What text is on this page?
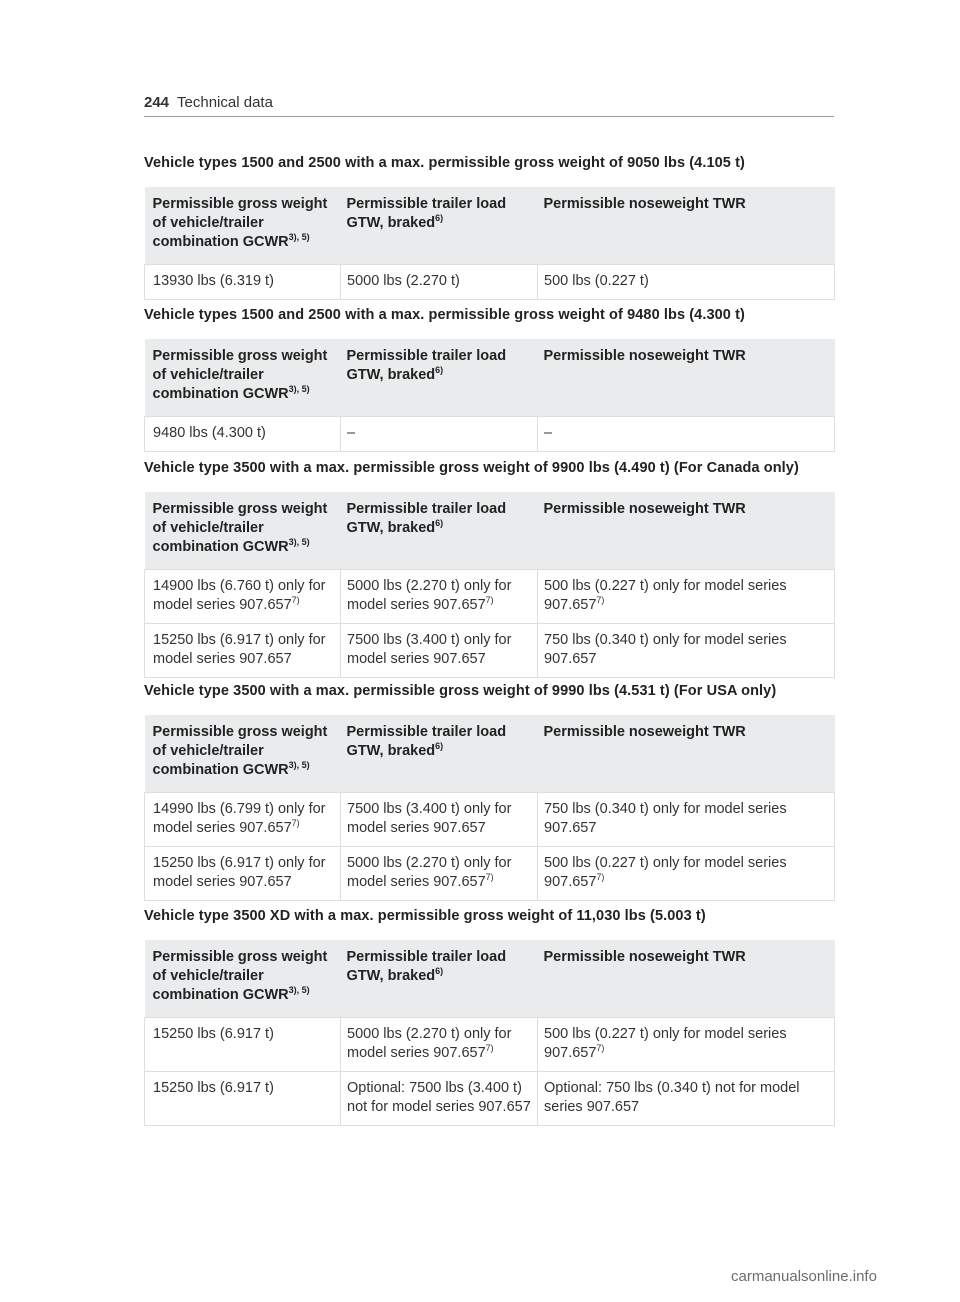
244 Technical data
Vehicle types 1500 and 2500 with a max. permissible gross weight of 9050 lbs (4.105 t)
Permissible gross weight of vehicle/trailer combination $GCWR^{3), 5)}$	Permissible trailer load GTW, braked$^{6)}$	Permissible noseweight TWR
13930 lbs (6.319 t)	5000 lbs (2.270 t)	500 lbs (0.227 t)
Vehicle types 1500 and 2500 with a max. permissible gross weight of 9480 lbs (4.300 t)
Permissible gross weight of vehicle/trailer combination $GCWR^{3), 5)}$	Permissible trailer load GTW, braked$^{6)}$	Permissible noseweight TWR
9480 lbs (4.300 t)	–	–
Vehicle type 3500 with a max. permissible gross weight of 9900 lbs (4.490 t) (For Canada only)
Permissible gross weight of vehicle/trailer combination $GCWR^{3), 5)}$	Permissible trailer load GTW, braked$^{6)}$	Permissible noseweight TWR
14900 lbs (6.760 t) only for model series 907.657$^{7)}$	5000 lbs (2.270 t) only for model series 907.657$^{7)}$	500 lbs (0.227 t) only for model series 907.657$^{7)}$
15250 lbs (6.917 t) only for model series 907.657	7500 lbs (3.400 t) only for model series 907.657	750 lbs (0.340 t) only for model series 907.657
Vehicle type 3500 with a max. permissible gross weight of 9990 lbs (4.531 t) (For USA only)
Permissible gross weight of vehicle/trailer combination $GCWR^{3), 5)}$	Permissible trailer load GTW, braked$^{6)}$	Permissible noseweight TWR
14990 lbs (6.799 t) only for model series 907.657$^{7)}$	7500 lbs (3.400 t) only for model series 907.657	750 lbs (0.340 t) only for model series 907.657
15250 lbs (6.917 t) only for model series 907.657	5000 lbs (2.270 t) only for model series 907.657$^{7)}$	500 lbs (0.227 t) only for model series 907.657$^{7)}$
Vehicle type 3500 XD with a max. permissible gross weight of 11,030 lbs (5.003 t)
Permissible gross weight of vehicle/trailer combination $GCWR^{3), 5)}$	Permissible trailer load GTW, braked$^{6)}$	Permissible noseweight TWR
15250 lbs (6.917 t)	5000 lbs (2.270 t) only for model series 907.657$^{7)}$	500 lbs (0.227 t) only for model series 907.657$^{7)}$
15250 lbs (6.917 t)	Optional: 7500 lbs (3.400 t) not for model series 907.657	Optional: 750 lbs (0.340 t) not for model series 907.657
carmanualsonline.info
